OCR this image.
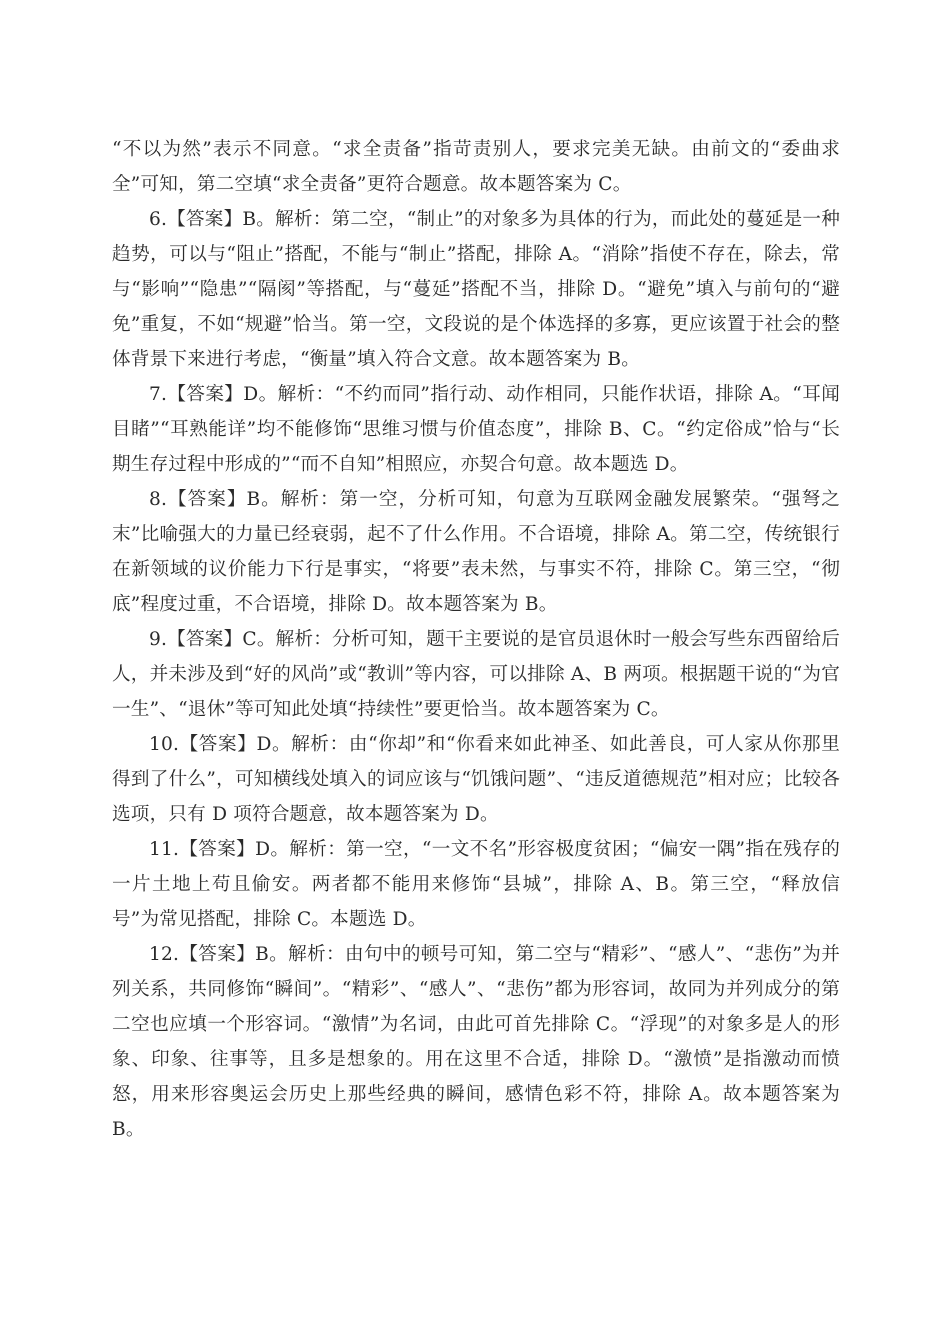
“不以为然”表示不同意。“求全责备”指苛责别人，要求完美无缺。由前文的“委曲求全”可知，第二空填“求全责备”更符合题意。故本题答案为 C。

6.【答案】B。解析：第二空，“制止”的对象多为具体的行为，而此处的蔓延是一种趋势，可以与“阻止”搭配，不能与“制止”搭配，排除 A。“消除”指使不存在，除去，常与“影响”“隐患”“隔阂”等搭配，与“蔓延”搭配不当，排除 D。“避免”填入与前句的“避免”重复，不如“规避”恰当。第一空，文段说的是个体选择的多寡，更应该置于社会的整体背景下来进行考虑，“衡量”填入符合文意。故本题答案为 B。

7.【答案】D。解析：“不约而同”指行动、动作相同，只能作状语，排除 A。“耳闻目睹”“耳熟能详”均不能修饰“思维习惯与价值态度”，排除 B、C。“约定俗成”恰与“长期生存过程中形成的”“而不自知”相照应，亦契合句意。故本题选 D。

8.【答案】B。解析：第一空，分析可知，句意为互联网金融发展繁荣。“强弩之末”比喻强大的力量已经衰弱，起不了什么作用。不合语境，排除 A。第二空，传统银行在新领域的议价能力下行是事实，“将要”表未然，与事实不符，排除 C。第三空，“彻底”程度过重，不合语境，排除 D。故本题答案为 B。

9.【答案】C。解析：分析可知，题干主要说的是官员退休时一般会写些东西留给后人，并未涉及到“好的风尚”或“教训”等内容，可以排除 A、B 两项。根据题干说的“为官一生”、“退休”等可知此处填“持续性”要更恰当。故本题答案为 C。

10.【答案】D。解析：由“你却”和“你看来如此神圣、如此善良，可人家从你那里得到了什么”，可知横线处填入的词应该与“饥饿问题”、“违反道德规范”相对应；比较各选项，只有 D 项符合题意，故本题答案为 D。

11.【答案】D。解析：第一空，“一文不名”形容极度贫困；“偏安一隅”指在残存的一片土地上苟且偷安。两者都不能用来修饰“县城”，排除 A、B。第三空，“释放信号”为常见搭配，排除 C。本题选 D。

12.【答案】B。解析：由句中的顿号可知，第二空与“精彩”、“感人”、“悲伤”为并列关系，共同修饰“瞬间”。“精彩”、“感人”、“悲伤”都为形容词，故同为并列成分的第二空也应填一个形容词。“激情”为名词，由此可首先排除 C。“浮现”的对象多是人的形象、印象、往事等，且多是想象的。用在这里不合适，排除 D。“激愤”是指激动而愤怒，用来形容奥运会历史上那些经典的瞬间，感情色彩不符，排除 A。故本题答案为 B。
